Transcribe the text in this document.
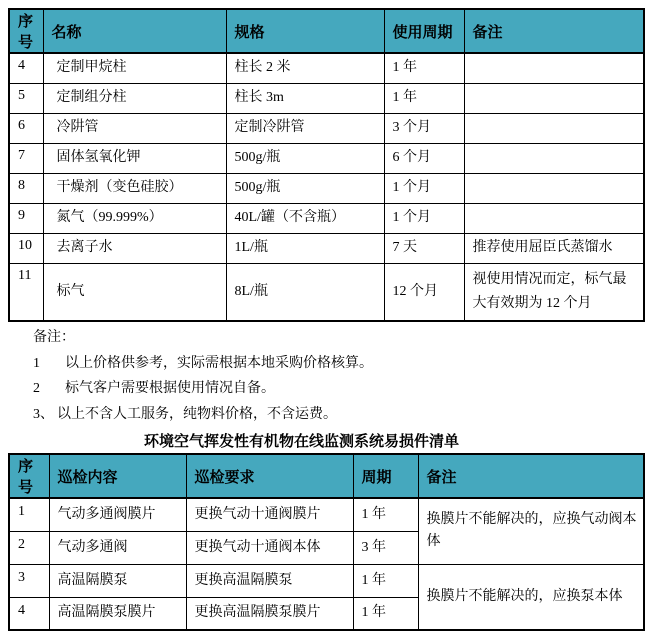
序号	名称	规格	使用周期	备注
4	定制甲烷柱	柱长 2 米	1 年	
5	定制组分柱	柱长 3m	1 年	
6	冷阱管	定制冷阱管	3 个月	
7	固体氢氧化钾	500g/瓶	6 个月	
8	干燥剂（变色硅胶）	500g/瓶	1 个月	
9	氮气（99.999%）	40L/罐（不含瓶）	1 个月	
10	去离子水	1L/瓶	7 天	推荐使用屈臣氏蒸馏水
11	标气	8L/瓶	12 个月	视使用情况而定，标气最大有效期为 12 个月

备注：

1 以上价格供参考，实际需根据本地采购价格核算。

2 标气客户需要根据使用情况自备。

3、 以上不含人工服务，纯物料价格，不含运费。

环境空气挥发性有机物在线监测系统易损件清单
序号	巡检内容	巡检要求	周期	备注
1	气动多通阀膜片	更换气动十通阀膜片	1 年	换膜片不能解决的，应换气动阀本体
2	气动多通阀	更换气动十通阀本体	3 年	
3	高温隔膜泵	更换高温隔膜泵	1 年	换膜片不能解决的，应换泵本体
4	高温隔膜泵膜片	更换高温隔膜泵膜片	1 年	
